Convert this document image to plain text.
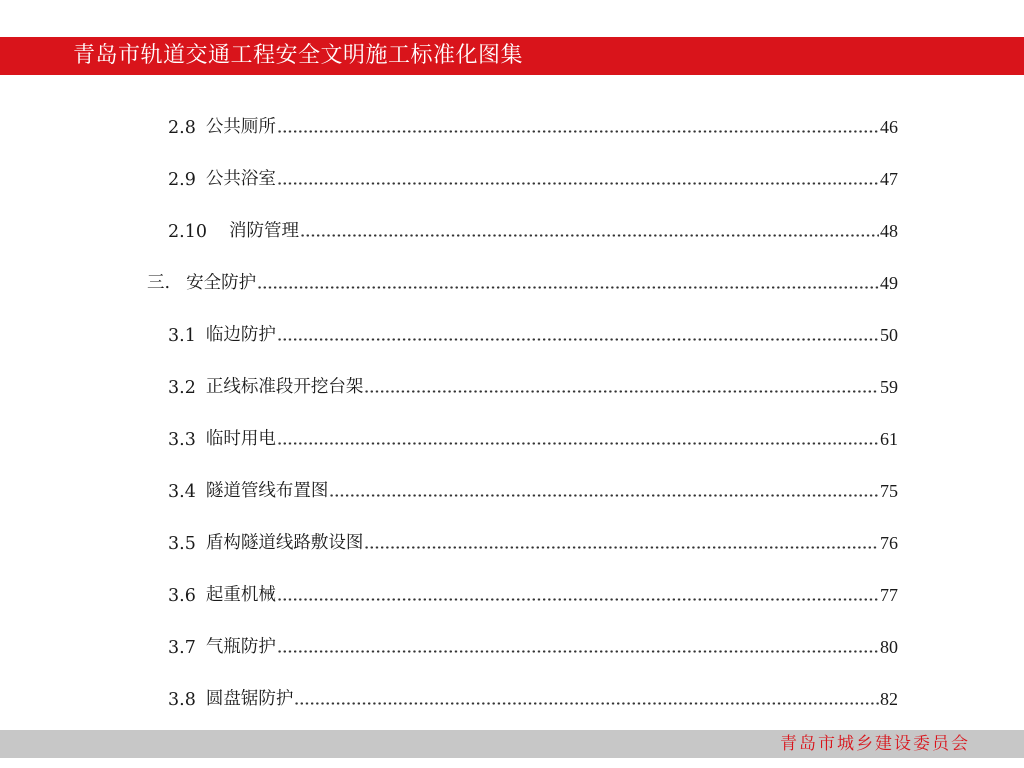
青岛市轨道交通工程安全文明施工标准化图集
2.8 公共厕所	46
2.9 公共浴室	47
2.10 消防管理	48
三. 安全防护	49
3.1 临边防护	50
3.2 正线标准段开挖台架	59
3.3 临时用电	61
3.4 隧道管线布置图	75
3.5 盾构隧道线路敷设图	76
3.6 起重机械	77
3.7 气瓶防护	80
3.8 圆盘锯防护	82
青岛市城乡建设委员会
